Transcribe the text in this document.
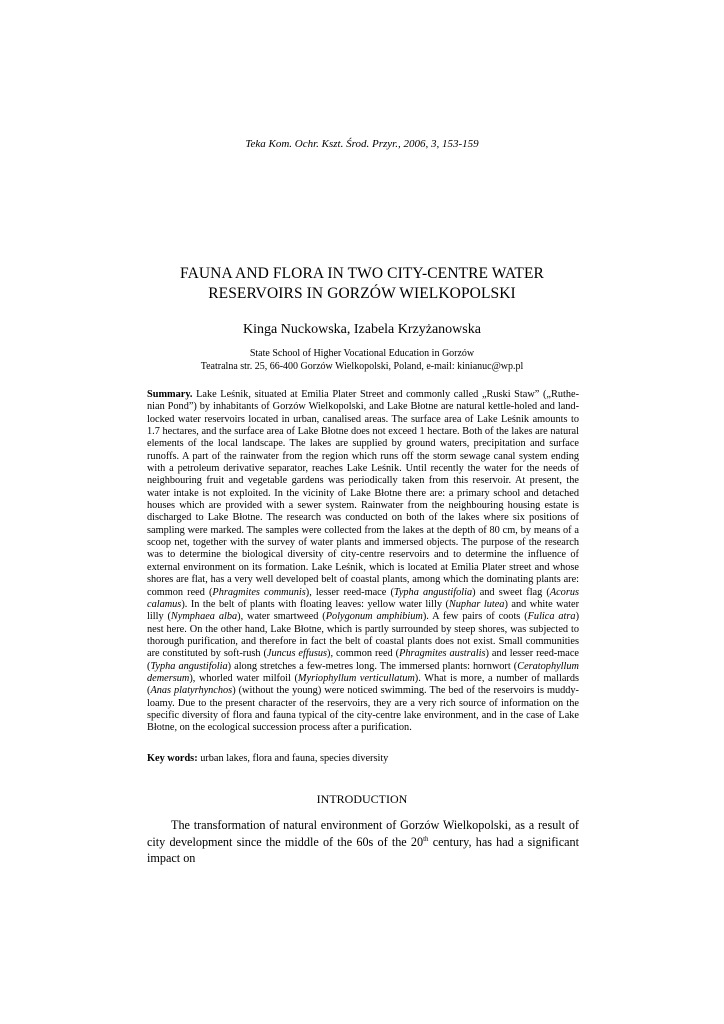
Teka Kom. Ochr. Kszt. Środ. Przyr., 2006, 3, 153-159
FAUNA AND FLORA IN TWO CITY-CENTRE WATER
RESERVOIRS IN GORZÓW WIELKOPOLSKI
Kinga Nuckowska, Izabela Krzyżanowska
State School of Higher Vocational Education in Gorzów
Teatralna str. 25, 66-400 Gorzów Wielkopolski, Poland, e-mail: kinianuc@wp.pl
Summary. Lake Leśnik, situated at Emilia Plater Street and commonly called „Ruski Staw” („Ruthe-nian Pond”) by inhabitants of Gorzów Wielkopolski, and Lake Błotne are natural kettle-holed and land-locked water reservoirs located in urban, canalised areas. The surface area of Lake Leśnik amounts to 1.7 hectares, and the surface area of Lake Błotne does not exceed 1 hectare. Both of the lakes are natural elements of the local landscape. The lakes are supplied by ground waters, precipitation and surface runoffs. A part of the rainwater from the region which runs off the storm sewage canal system ending with a petroleum derivative separator, reaches Lake Leśnik. Until recently the water for the needs of neighbouring fruit and vegetable gardens was periodically taken from this reservoir. At present, the water intake is not exploited. In the vicinity of Lake Błotne there are: a primary school and detached houses which are provided with a sewer system. Rainwater from the neighbouring housing estate is discharged to Lake Błotne. The research was conducted on both of the lakes where six positions of sampling were marked. The samples were collected from the lakes at the depth of 80 cm, by means of a scoop net, together with the survey of water plants and immersed objects. The purpose of the research was to determine the biological diversity of city-centre reservoirs and to determine the influence of external environment on its formation. Lake Leśnik, which is located at Emilia Plater street and whose shores are flat, has a very well developed belt of coastal plants, among which the dominating plants are: common reed (Phragmites communis), lesser reed-mace (Typha angustifolia) and sweet flag (Acorus calamus). In the belt of plants with floating leaves: yellow water lilly (Nuphar lutea) and white water lilly (Nymphaea alba), water smartweed (Polygonum amphibium). A few pairs of coots (Fulica atra) nest here. On the other hand, Lake Błotne, which is partly surrounded by steep shores, was subjected to thorough purification, and therefore in fact the belt of coastal plants does not exist. Small communities are constituted by soft-rush (Juncus effusus), common reed (Phragmites australis) and lesser reed-mace (Typha angustifolia) along stretches a few-metres long. The immersed plants: hornwort (Ceratophyllum demersum), whorled water milfoil (Myriophyllum verticullatum). What is more, a number of mallards (Anas platyrhynchos) (without the young) were noticed swimming. The bed of the reservoirs is muddy-loamy. Due to the present character of the reservoirs, they are a very rich source of information on the specific diversity of flora and fauna typical of the city-centre lake environment, and in the case of Lake Błotne, on the ecological succession process after a purification.
Key words: urban lakes, flora and fauna, species diversity
INTRODUCTION

The transformation of natural environment of Gorzów Wielkopolski, as a result of city development since the middle of the 60s of the 20th century, has had a significant impact on
